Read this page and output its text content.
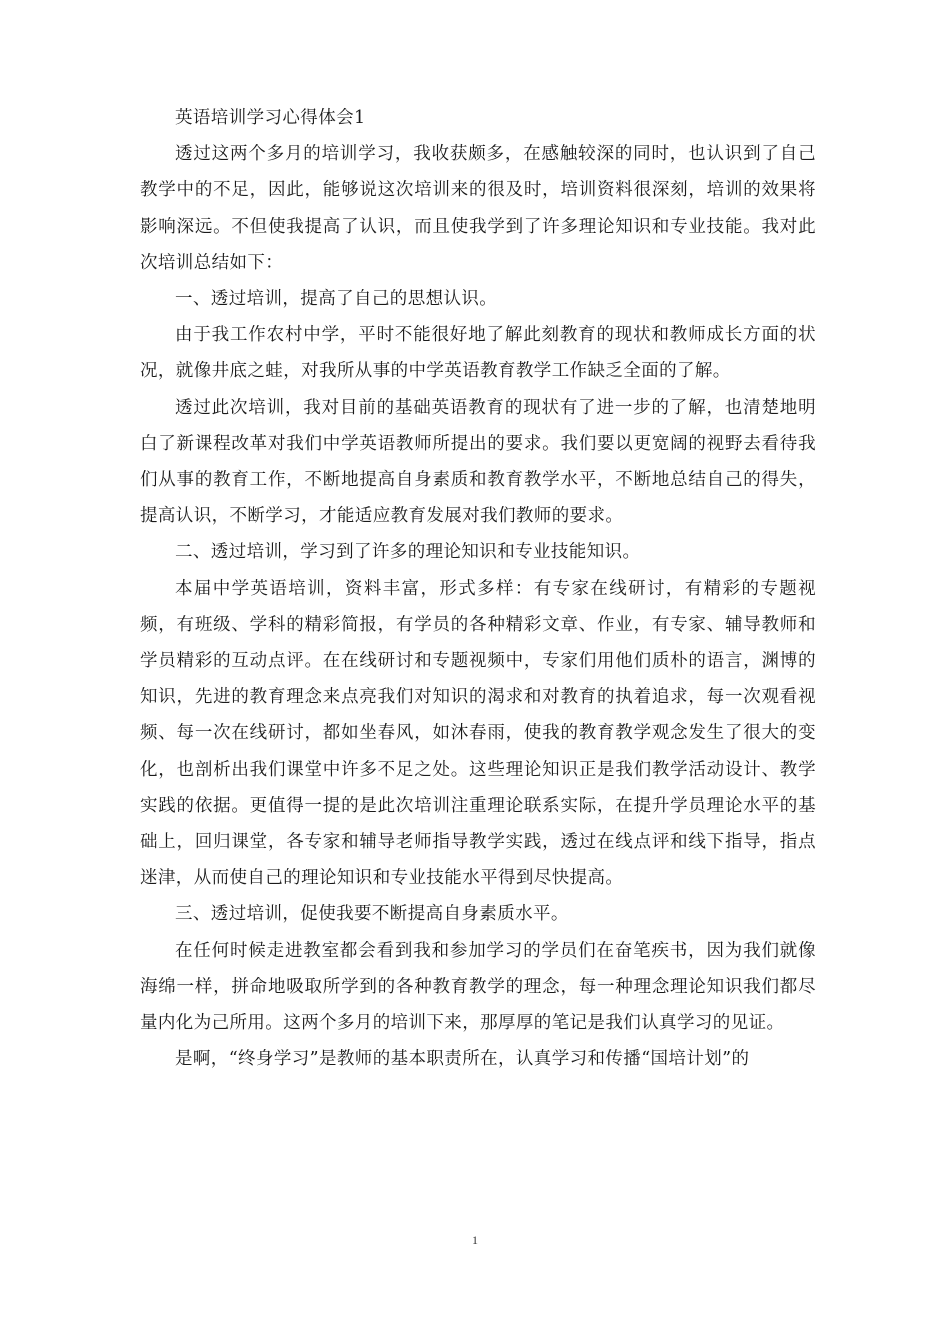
英语培训学习心得体会1

透过这两个多月的培训学习，我收获颇多，在感触较深的同时，也认识到了自己教学中的不足，因此，能够说这次培训来的很及时，培训资料很深刻，培训的效果将影响深远。不但使我提高了认识，而且使我学到了许多理论知识和专业技能。我对此次培训总结如下：

一、透过培训，提高了自己的思想认识。

由于我工作农村中学，平时不能很好地了解此刻教育的现状和教师成长方面的状况，就像井底之蛙，对我所从事的中学英语教育教学工作缺乏全面的了解。

透过此次培训，我对目前的基础英语教育的现状有了进一步的了解，也清楚地明白了新课程改革对我们中学英语教师所提出的要求。我们要以更宽阔的视野去看待我们从事的教育工作，不断地提高自身素质和教育教学水平，不断地总结自己的得失，提高认识，不断学习，才能适应教育发展对我们教师的要求。

二、透过培训，学习到了许多的理论知识和专业技能知识。

本届中学英语培训，资料丰富，形式多样：有专家在线研讨，有精彩的专题视频，有班级、学科的精彩简报，有学员的各种精彩文章、作业，有专家、辅导教师和学员精彩的互动点评。在在线研讨和专题视频中，专家们用他们质朴的语言，渊博的知识，先进的教育理念来点亮我们对知识的渴求和对教育的执着追求，每一次观看视频、每一次在线研讨，都如坐春风，如沐春雨，使我的教育教学观念发生了很大的变化，也剖析出我们课堂中许多不足之处。这些理论知识正是我们教学活动设计、教学实践的依据。更值得一提的是此次培训注重理论联系实际，在提升学员理论水平的基础上，回归课堂，各专家和辅导老师指导教学实践，透过在线点评和线下指导，指点迷津，从而使自己的理论知识和专业技能水平得到尽快提高。

三、透过培训，促使我要不断提高自身素质水平。

在任何时候走进教室都会看到我和参加学习的学员们在奋笔疾书，因为我们就像海绵一样，拼命地吸取所学到的各种教育教学的理念，每一种理念理论知识我们都尽量内化为己所用。这两个多月的培训下来，那厚厚的笔记是我们认真学习的见证。

是啊，“终身学习”是教师的基本职责所在，认真学习和传播“国培计划”的

1
